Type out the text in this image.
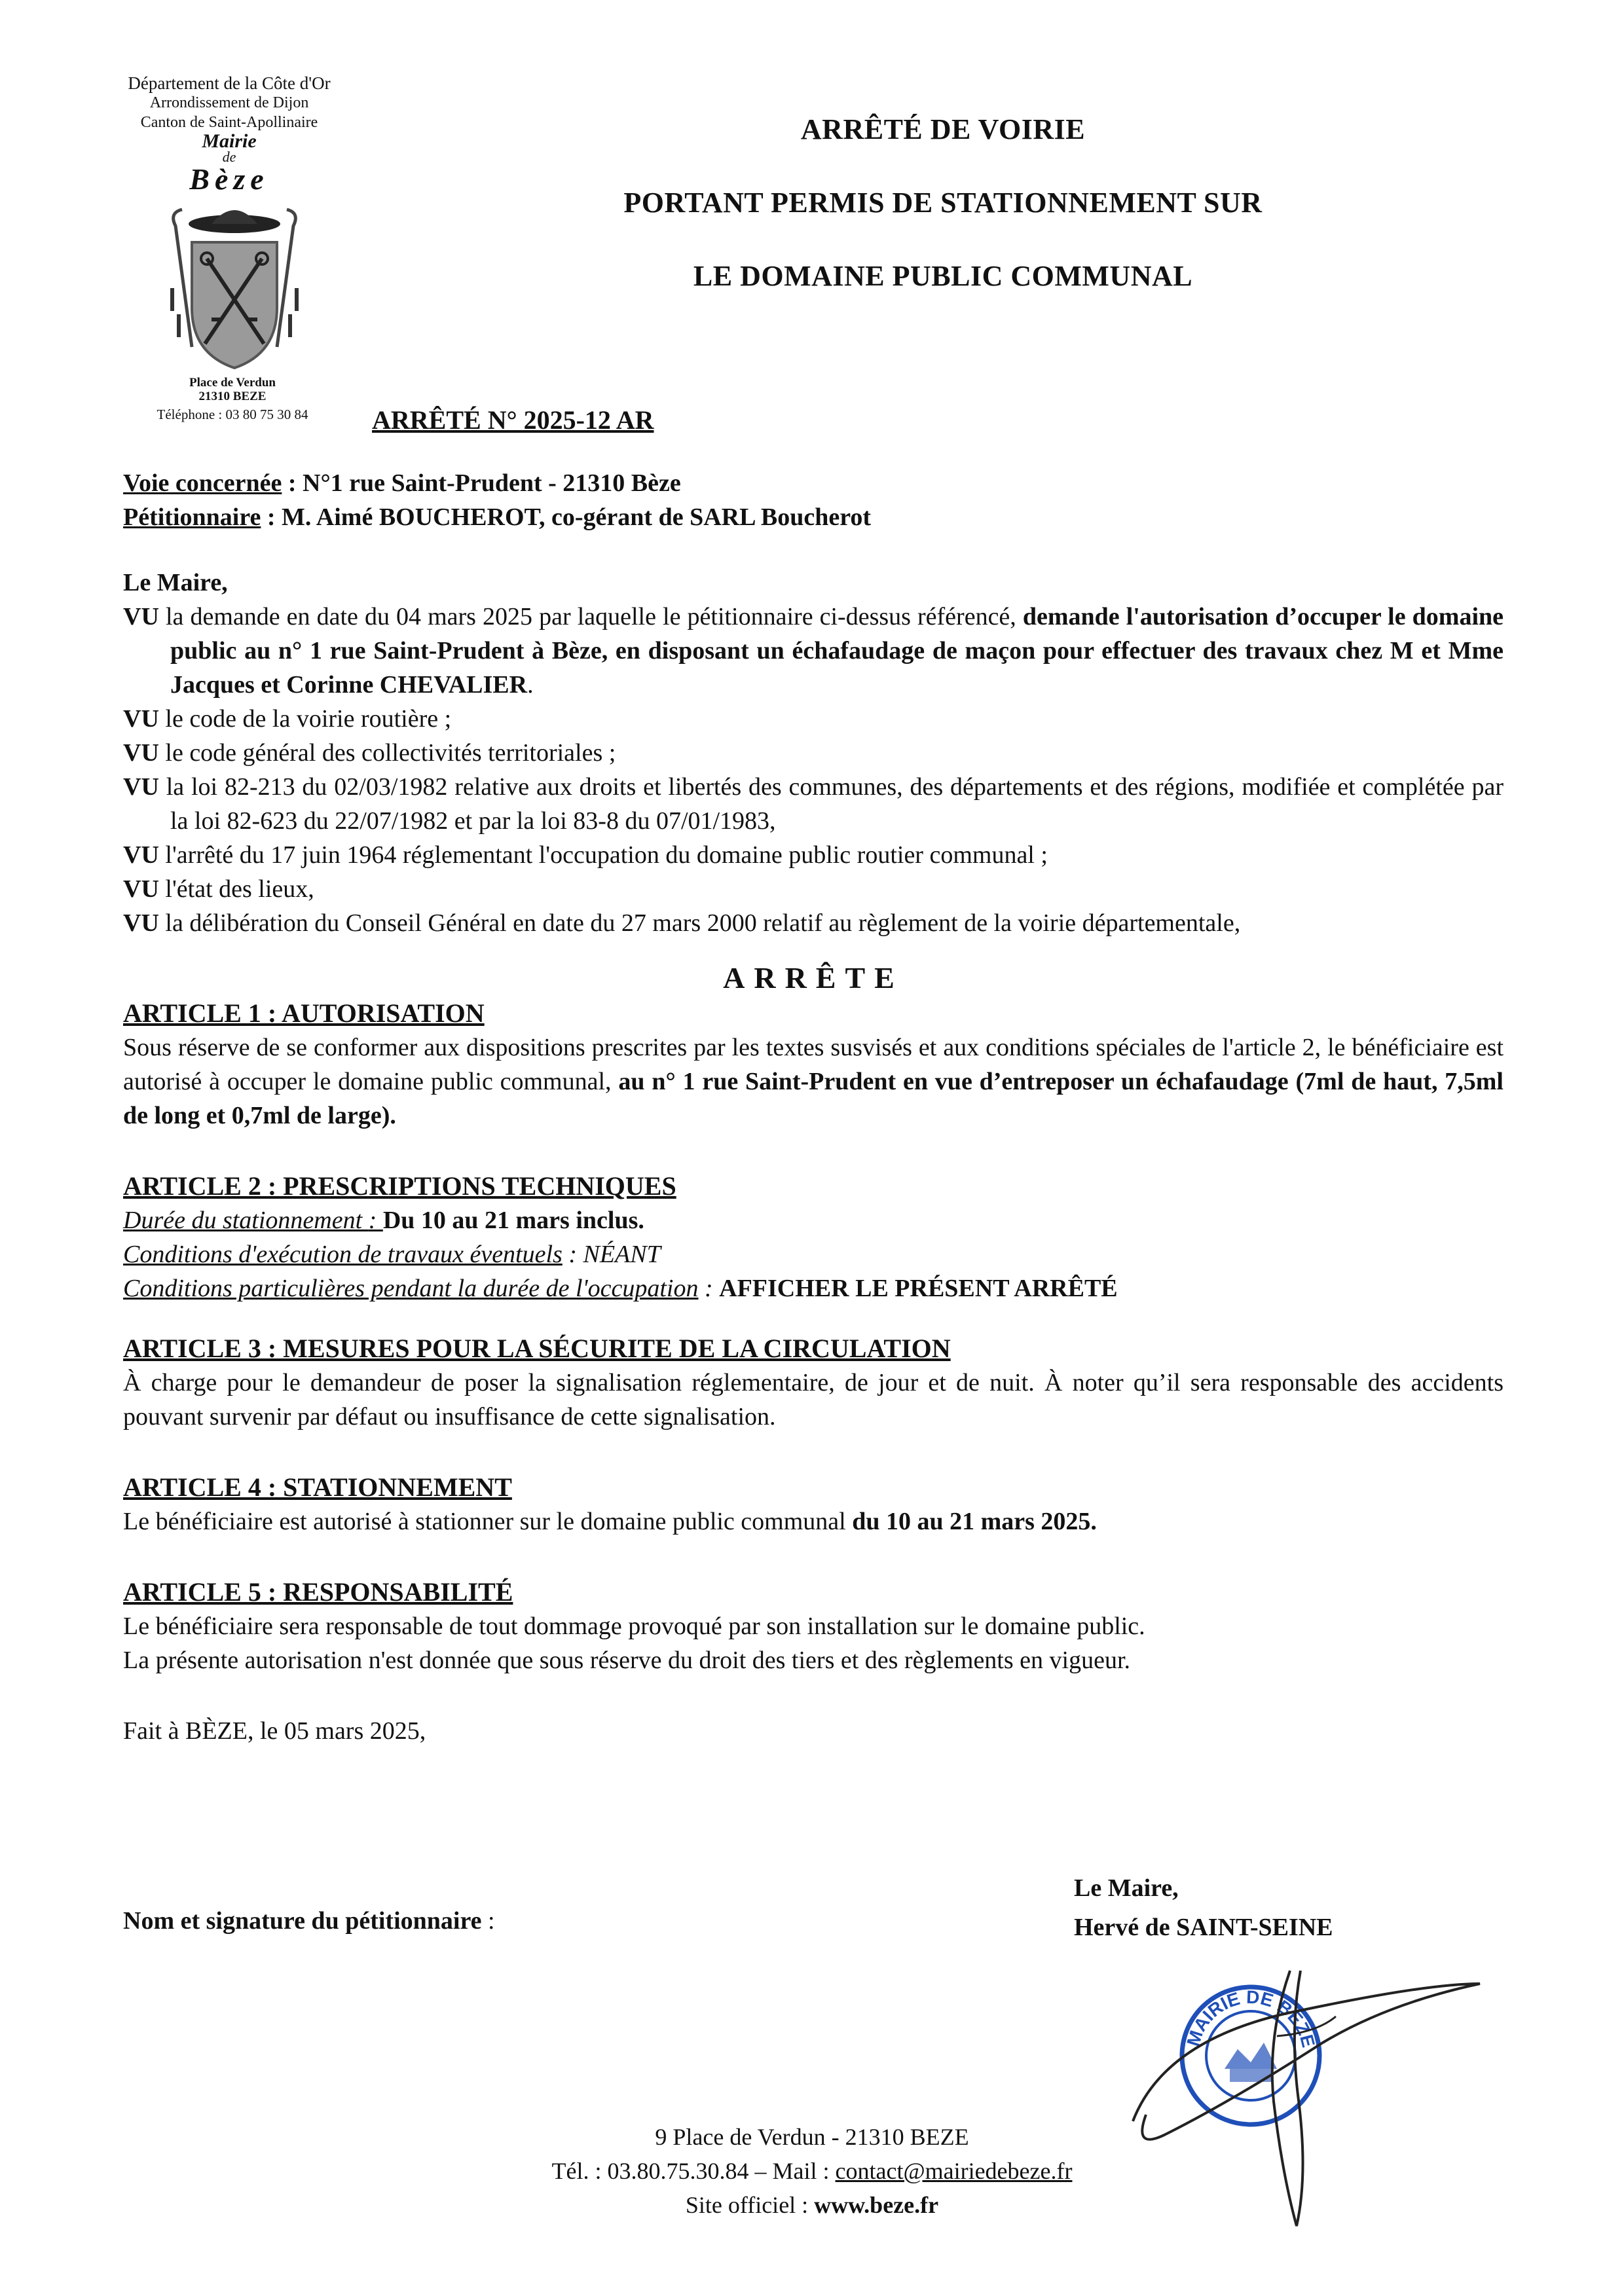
Département de la Côte d'Or
Arrondissement de Dijon
Canton de Saint-Apollinaire
Mairie
de
Bèze
Place de Verdun
21310 BEZE
Téléphone : 03 80 75 30 84
ARRÊTÉ DE VOIRIE
PORTANT PERMIS DE STATIONNEMENT SUR
LE DOMAINE PUBLIC COMMUNAL
ARRÊTÉ N° 2025-12 AR

Voie concernée : N°1 rue Saint-Prudent - 21310 Bèze

Pétitionnaire : M. Aimé BOUCHEROT, co-gérant de SARL Boucherot

Le Maire,

VU la demande en date du 04 mars 2025 par laquelle le pétitionnaire ci-dessus référencé, demande l'autorisation d’occuper le domaine public au n° 1 rue Saint-Prudent à Bèze, en disposant un échafaudage de maçon pour effectuer des travaux chez M et Mme Jacques et Corinne CHEVALIER.

VU le code de la voirie routière ;

VU le code général des collectivités territoriales ;

VU la loi 82-213 du 02/03/1982 relative aux droits et libertés des communes, des départements et des régions, modifiée et complétée par la loi 82-623 du 22/07/1982 et par la loi 83-8 du 07/01/1983,

VU l'arrêté du 17 juin 1964 réglementant l'occupation du domaine public routier communal ;

VU l'état des lieux,

VU la délibération du Conseil Général en date du 27 mars 2000 relatif au règlement de la voirie départementale,

ARRÊTE

ARTICLE 1 : AUTORISATION

Sous réserve de se conformer aux dispositions prescrites par les textes susvisés et aux conditions spéciales de l'article 2, le bénéficiaire est autorisé à occuper le domaine public communal, au n° 1 rue Saint-Prudent en vue d’entreposer un échafaudage (7ml de haut, 7,5ml de long et 0,7ml de large).

ARTICLE 2 : PRESCRIPTIONS TECHNIQUES

Durée du stationnement : Du 10 au 21 mars inclus.

Conditions d'exécution de travaux éventuels : NÉANT

Conditions particulières pendant la durée de l'occupation : AFFICHER LE PRÉSENT ARRÊTÉ

ARTICLE 3 : MESURES POUR LA SÉCURITE DE LA CIRCULATION

À charge pour le demandeur de poser la signalisation réglementaire, de jour et de nuit. À noter qu’il sera responsable des accidents pouvant survenir par défaut ou insuffisance de cette signalisation.

ARTICLE 4 : STATIONNEMENT

Le bénéficiaire est autorisé à stationner sur le domaine public communal du 10 au 21 mars 2025.

ARTICLE 5 : RESPONSABILITÉ

Le bénéficiaire sera responsable de tout dommage provoqué par son installation sur le domaine public.

La présente autorisation n'est donnée que sous réserve du droit des tiers et des règlements en vigueur.

Fait à BÈZE, le 05 mars 2025,

Nom et signature du pétitionnaire :
Le Maire,
Hervé de SAINT-SEINE
MAIRIE DE BEZE
9 Place de Verdun - 21310 BEZE
Tél. : 03.80.75.30.84 – Mail : contact@mairiedebeze.fr
Site officiel : www.beze.fr
